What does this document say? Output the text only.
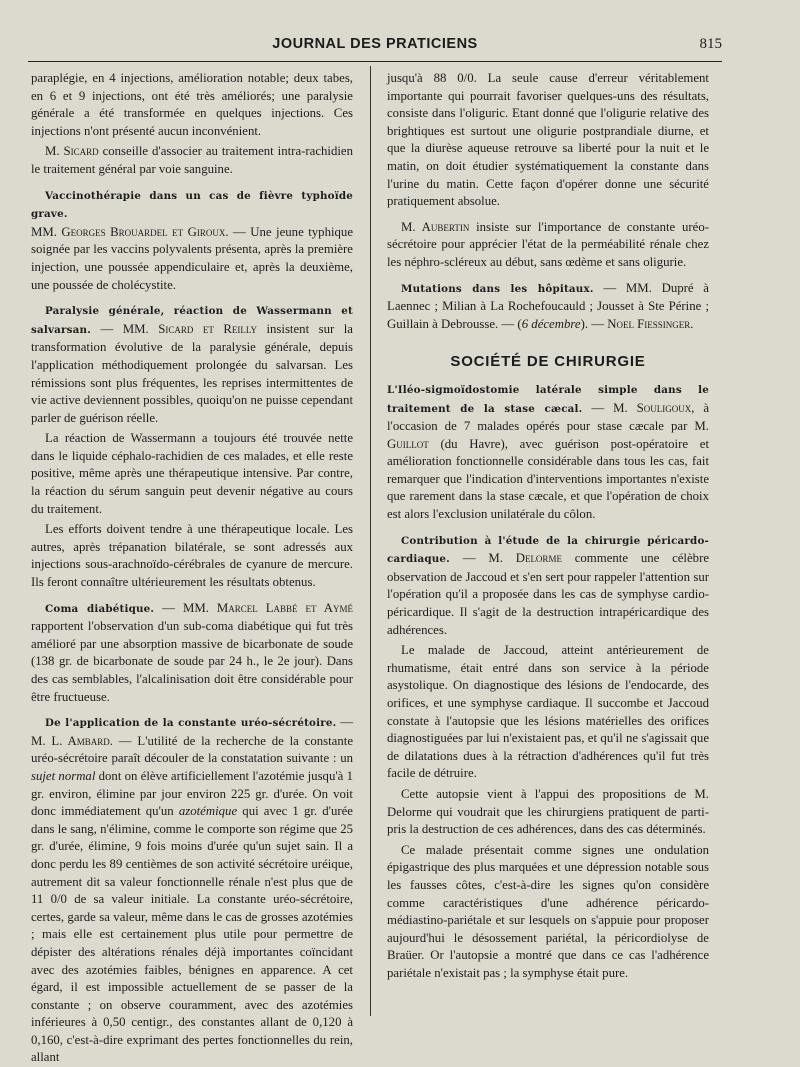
JOURNAL DES PRATICIENS	815

paraplégie, en 4 injections, amélioration notable; deux tabes, en 6 et 9 injections, ont été très améliorés; une paralysie générale a été transformée en quelques injections. Ces injections n'ont présenté aucun inconvénient.

M. Sicard conseille d'associer au traitement intra-rachidien le traitement général par voie sanguine.

Vaccinothérapie dans un cas de fièvre typhoïde grave.
MM. Georges Brouardel et Giroux. — Une jeune typhique soignée par les vaccins polyvalents présenta, après la première injection, une poussée appendiculaire et, après la deuxième, une poussée de cholécystite.

Paralysie générale, réaction de Wassermann et salvarsan. — MM. Sicard et Reilly insistent sur la transformation évolutive de la paralysie générale, depuis l'application méthodiquement prolongée du salvarsan. Les rémissions sont plus fréquentes, les reprises intermittentes de vie active deviennent possibles, quoiqu'on ne puisse cependant parler de guérison réelle.

La réaction de Wassermann a toujours été trouvée nette dans le liquide céphalo-rachidien de ces malades, et elle reste positive, même après une thérapeutique intensive. Par contre, la réaction du sérum sanguin peut devenir négative au cours du traitement.

Les efforts doivent tendre à une thérapeutique locale. Les autres, après trépanation bilatérale, se sont adressés aux injections sous-arachnoïdo-cérébrales de cyanure de mercure. Ils feront connaître ultérieurement les résultats obtenus.

Coma diabétique. — MM. Marcel Labbé et Aymé rapportent l'observation d'un sub-coma diabétique qui fut très amélioré par une absorption massive de bicarbonate de soude (138 gr. de bicarbonate de soude par 24 h., le 2e jour). Dans des cas semblables, l'alcalinisation doit être considérable pour être fructueuse.

De l'application de la constante uréo-sécrétoire. — M. L. Ambard. — L'utilité de la recherche de la constante uréo-sécrétoire paraît découler de la constatation suivante : un sujet normal dont on élève artificiellement l'azotémie jusqu'à 1 gr. environ, élimine par jour environ 225 gr. d'urée. On voit donc immédiatement qu'un azotémique qui avec 1 gr. d'urée dans le sang, n'élimine, comme le comporte son régime que 25 gr. d'urée, élimine, 9 fois moins d'urée qu'un sujet sain. Il a donc perdu les 89 centièmes de son activité sécrétoire uréique, autrement dit sa valeur fonctionnelle rénale n'est plus que de 11 0/0 de sa valeur initiale. La constante uréo-sécrétoire, certes, garde sa valeur, même dans le cas de grosses azotémies ; mais elle est certainement plus utile pour permettre de dépister des altérations rénales déjà importantes coïncidant avec des azotémies faibles, bénignes en apparence. A cet égard, il est impossible actuellement de se passer de la constante ; on observe couramment, avec des azotémies inférieures à 0,50 centigr., des constantes allant de 0,120 à 0,160, c'est-à-dire exprimant des pertes fonctionnelles du rein, allant

jusqu'à 88 0/0. La seule cause d'erreur véritablement importante qui pourrait favoriser quelques-uns des résultats, consiste dans l'oliguric. Etant donné que l'oligurie relative des brightiques est surtout une oligurie postprandiale diurne, et que la diurèse aqueuse retrouve sa liberté pour la nuit et le matin, on doit étudier systématiquement la constante dans l'urine du matin. Cette façon d'opérer donne une sécurité pratiquement absolue.

M. Aubertin insiste sur l'importance de constante uréo-sécrétoire pour apprécier l'état de la perméabilité rénale chez les néphro-scléreux au début, sans œdème et sans oligurie.

Mutations dans les hôpitaux. — MM. Dupré à Laennec ; Milian à La Rochefoucauld ; Jousset à Ste Périne ; Guillain à Debrousse. — (6 décembre). — Noel Fiessinger.

SOCIÉTÉ DE CHIRURGIE

L'Iléo-sigmoïdostomie latérale simple dans le traitement de la stase cæcal. — M. Souligoux, à l'occasion de 7 malades opérés pour stase cæcale par M. Guillot (du Havre), avec guérison post-opératoire et amélioration fonctionnelle considérable dans tous les cas, fait remarquer que l'indication d'interventions importantes n'existe que rarement dans la stase cæcale, et que l'opération de choix est alors l'exclusion unilatérale du côlon.

Contribution à l'étude de la chirurgie péricardo-cardiaque. — M. Delorme commente une célèbre observation de Jaccoud et s'en sert pour rappeler l'attention sur l'opération qu'il a proposée dans les cas de symphyse cardio-péricardique. Il s'agit de la destruction intrapéricardique des adhérences.

Le malade de Jaccoud, atteint antérieurement de rhumatisme, était entré dans son service à la période asystolique. On diagnostique des lésions de l'endocarde, des orifices, et une symphyse cardiaque. Il succombe et Jaccoud constate à l'autopsie que les lésions matérielles des orifices diagnostiguées par lui n'existaient pas, et qu'il ne s'agissait que de dilatations dues à la rétraction d'adhérences qu'il fut très facile de détruire.

Cette autopsie vient à l'appui des propositions de M. Delorme qui voudrait que les chirurgiens pratiquent de parti-pris la destruction de ces adhérences, dans des cas déterminés.

Ce malade présentait comme signes une ondulation épigastrique des plus marquées et une dépression notable sous les fausses côtes, c'est-à-dire les signes qu'on considère comme caractéristiques d'une adhérence péricardo-médiastino-pariétale et sur lesquels on s'appuie pour proposer aujourd'hui le désossement pariétal, la péricordiolyse de Braüer. Or l'autopsie a montré que dans ce cas l'adhérence pariétale n'existait pas ; la symphyse était pure.
